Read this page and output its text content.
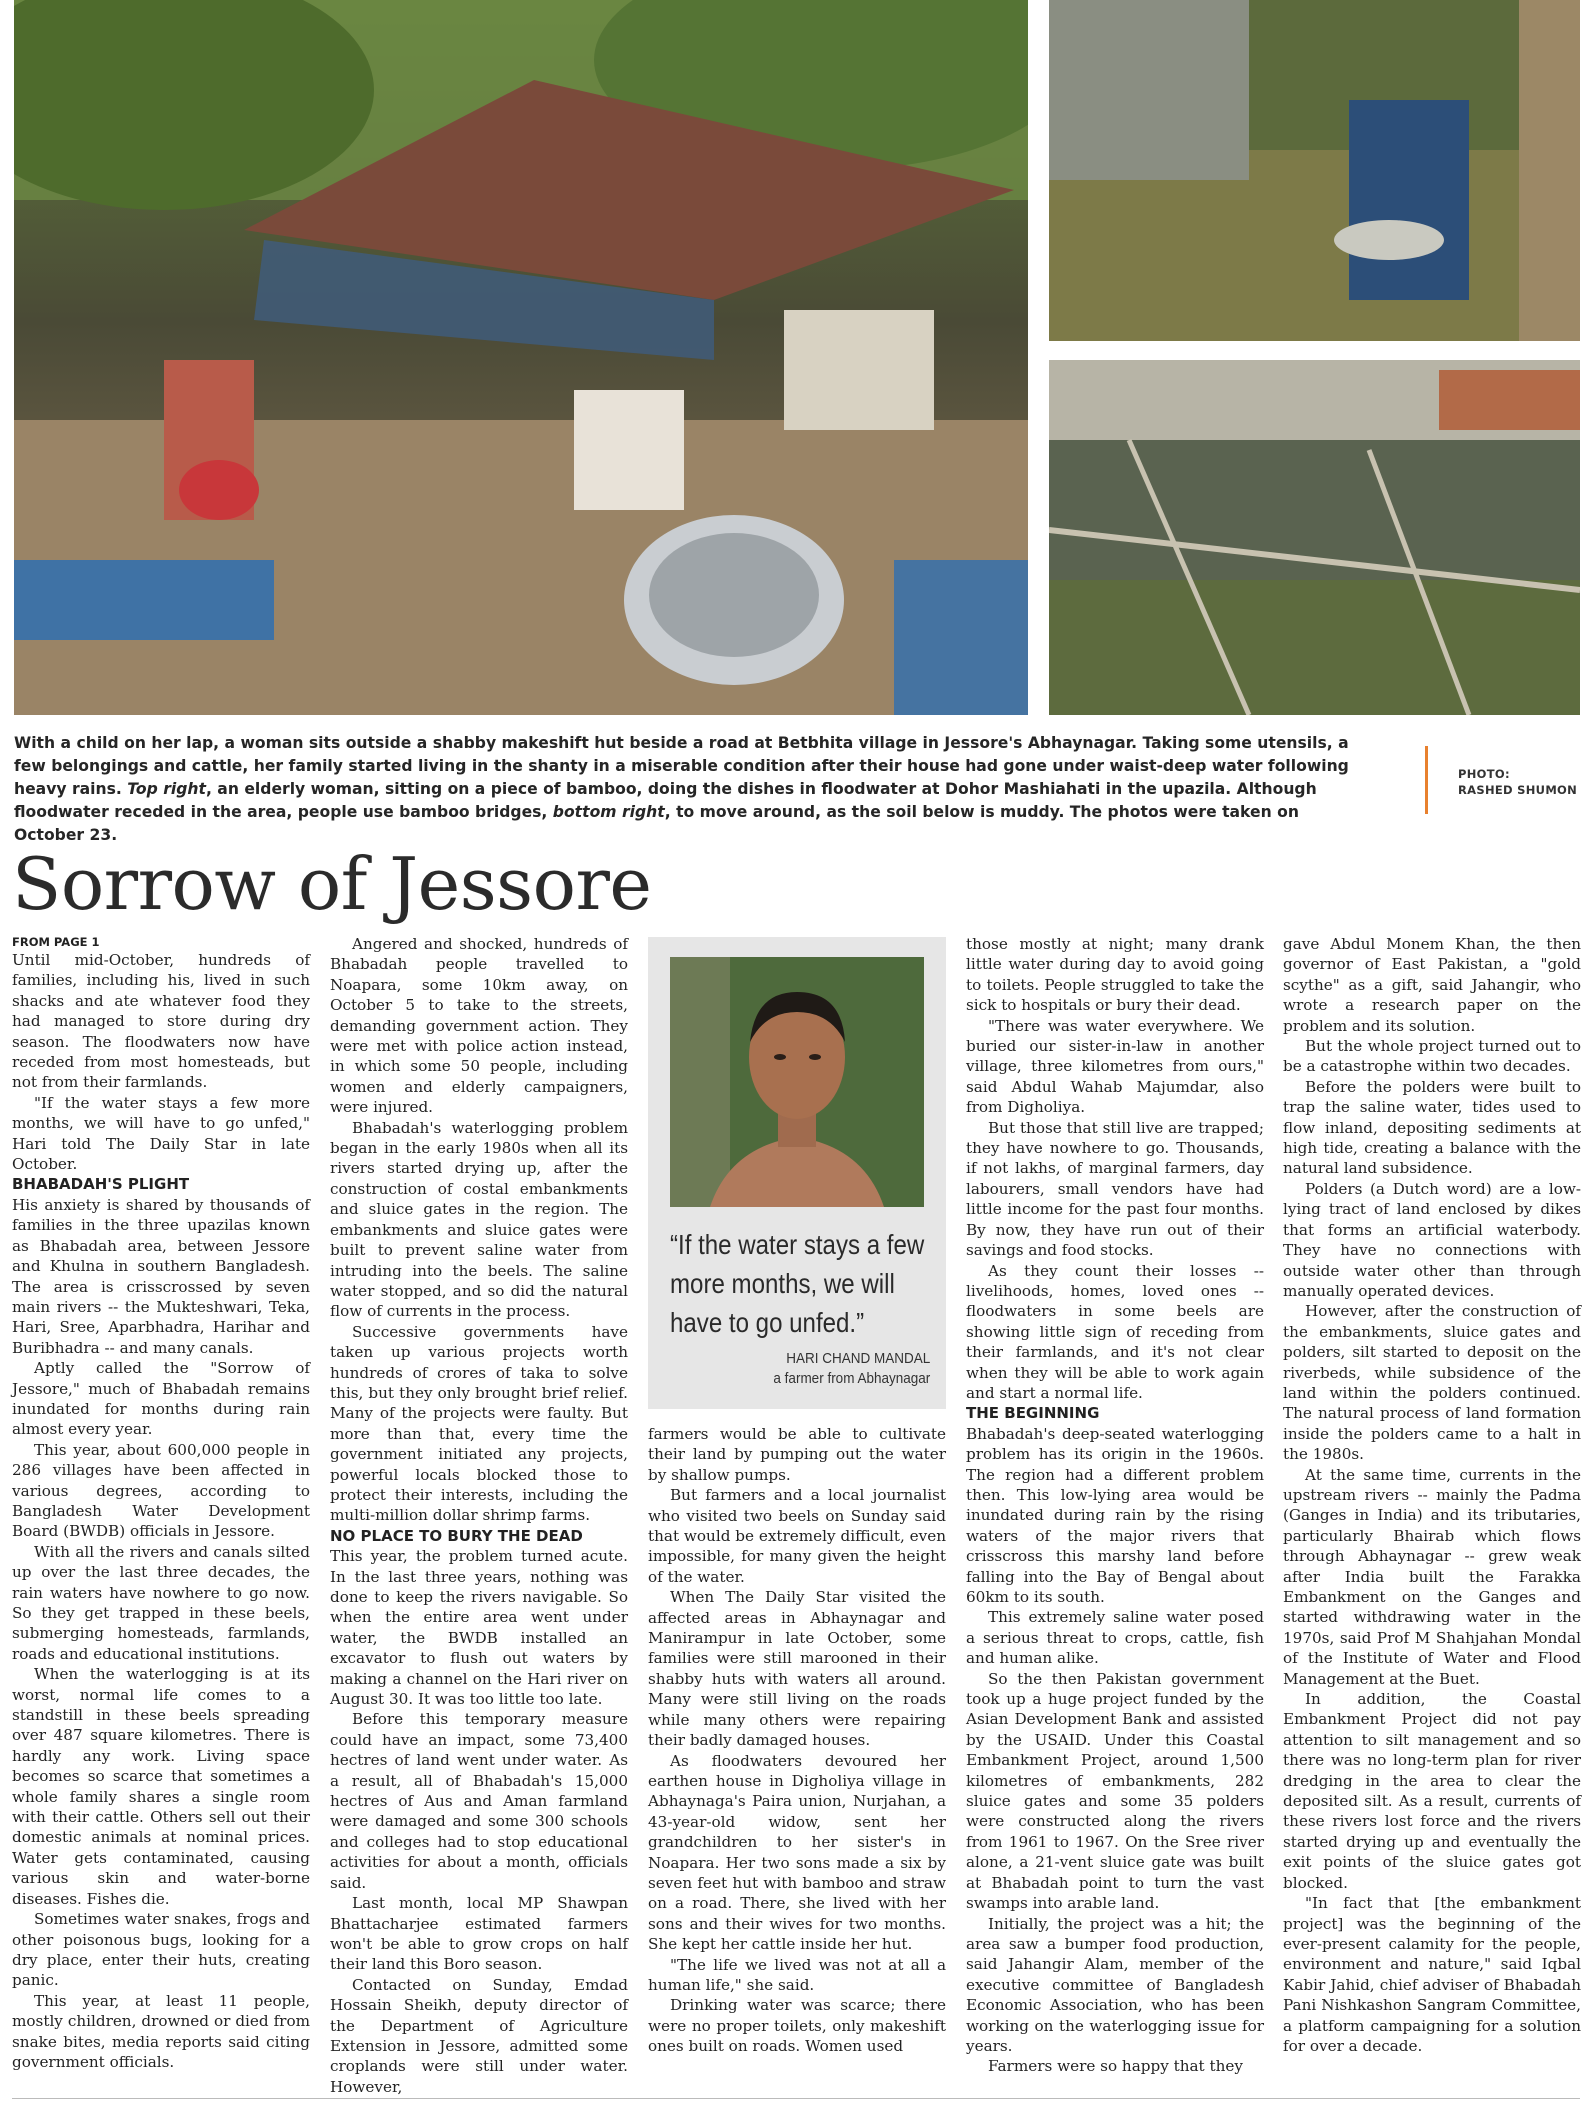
With a child on her lap, a woman sits outside a shabby makeshift hut beside a road at Betbhita village in Jessore's Abhaynagar. Taking some utensils, a few belongings and cattle, her family started living in the shanty in a miserable condition after their house had gone under waist-deep water following heavy rains. Top right, an elderly woman, sitting on a piece of bamboo, doing the dishes in floodwater at Dohor Mashiahati in the upazila. Although floodwater receded in the area, people use bamboo bridges, bottom right, to move around, as the soil below is muddy. The photos were taken on October 23.
PHOTO:
RASHED SHUMON
Sorrow of Jessore

FROM PAGE 1

Until mid-October, hundreds of families, including his, lived in such shacks and ate whatever food they had managed to store during dry season. The floodwaters now have receded from most homesteads, but not from their farmlands.

"If the water stays a few more months, we will have to go unfed," Hari told The Daily Star in late October.

BHABADAH'S PLIGHT

His anxiety is shared by thousands of families in the three upazilas known as Bhabadah area, between Jessore and Khulna in southern Bangladesh. The area is crisscrossed by seven main rivers -- the Mukteshwari, Teka, Hari, Sree, Aparbhadra, Harihar and Buribhadra -- and many canals.

Aptly called the "Sorrow of Jessore," much of Bhabadah remains inundated for months during rain almost every year.

This year, about 600,000 people in 286 villages have been affected in various degrees, according to Bangladesh Water Development Board (BWDB) officials in Jessore.

With all the rivers and canals silted up over the last three decades, the rain waters have nowhere to go now. So they get trapped in these beels, submerging homesteads, farmlands, roads and educational institutions.

When the waterlogging is at its worst, normal life comes to a standstill in these beels spreading over 487 square kilometres. There is hardly any work. Living space becomes so scarce that sometimes a whole family shares a single room with their cattle. Others sell out their domestic animals at nominal prices. Water gets contaminated, causing various skin and water-borne diseases. Fishes die.

Sometimes water snakes, frogs and other poisonous bugs, looking for a dry place, enter their huts, creating panic.

This year, at least 11 people, mostly children, drowned or died from snake bites, media reports said citing government officials.

Angered and shocked, hundreds of Bhabadah people travelled to Noapara, some 10km away, on October 5 to take to the streets, demanding government action. They were met with police action instead, in which some 50 people, including women and elderly campaigners, were injured.

Bhabadah's waterlogging problem began in the early 1980s when all its rivers started drying up, after the construction of costal embankments and sluice gates in the region. The embankments and sluice gates were built to prevent saline water from intruding into the beels. The saline water stopped, and so did the natural flow of currents in the process.

Successive governments have taken up various projects worth hundreds of crores of taka to solve this, but they only brought brief relief. Many of the projects were faulty. But more than that, every time the government initiated any projects, powerful locals blocked those to protect their interests, including the multi-million dollar shrimp farms.

NO PLACE TO BURY THE DEAD

This year, the problem turned acute. In the last three years, nothing was done to keep the rivers navigable. So when the entire area went under water, the BWDB installed an excavator to flush out waters by making a channel on the Hari river on August 30. It was too little too late.

Before this temporary measure could have an impact, some 73,400 hectres of land went under water. As a result, all of Bhabadah's 15,000 hectres of Aus and Aman farmland were damaged and some 300 schools and colleges had to stop educational activities for about a month, officials said.

Last month, local MP Shawpan Bhattacharjee estimated farmers won't be able to grow crops on half their land this Boro season.

Contacted on Sunday, Emdad Hossain Sheikh, deputy director of the Department of Agriculture Extension in Jessore, admitted some croplands were still under water. However,

“If the water stays a few more months, we will have to go unfed.”
HARI CHAND MANDAL
a farmer from Abhaynagar

farmers would be able to cultivate their land by pumping out the water by shallow pumps.

But farmers and a local journalist who visited two beels on Sunday said that would be extremely difficult, even impossible, for many given the height of the water.

When The Daily Star visited the affected areas in Abhaynagar and Manirampur in late October, some families were still marooned in their shabby huts with waters all around. Many were still living on the roads while many others were repairing their badly damaged houses.

As floodwaters devoured her earthen house in Digholiya village in Abhaynaga's Paira union, Nurjahan, a 43-year-old widow, sent her grandchildren to her sister's in Noapara. Her two sons made a six by seven feet hut with bamboo and straw on a road. There, she lived with her sons and their wives for two months. She kept her cattle inside her hut.

"The life we lived was not at all a human life," she said.

Drinking water was scarce; there were no proper toilets, only makeshift ones built on roads. Women used

those mostly at night; many drank little water during day to avoid going to toilets. People struggled to take the sick to hospitals or bury their dead.

"There was water everywhere. We buried our sister-in-law in another village, three kilometres from ours," said Abdul Wahab Majumdar, also from Digholiya.

But those that still live are trapped; they have nowhere to go. Thousands, if not lakhs, of marginal farmers, day labourers, small vendors have had little income for the past four months. By now, they have run out of their savings and food stocks.

As they count their losses -- livelihoods, homes, loved ones -- floodwaters in some beels are showing little sign of receding from their farmlands, and it's not clear when they will be able to work again and start a normal life.

THE BEGINNING

Bhabadah's deep-seated waterlogging problem has its origin in the 1960s. The region had a different problem then. This low-lying area would be inundated during rain by the rising waters of the major rivers that crisscross this marshy land before falling into the Bay of Bengal about 60km to its south.

This extremely saline water posed a serious threat to crops, cattle, fish and human alike.

So the then Pakistan government took up a huge project funded by the Asian Development Bank and assisted by the USAID. Under this Coastal Embankment Project, around 1,500 kilometres of embankments, 282 sluice gates and some 35 polders were constructed along the rivers from 1961 to 1967. On the Sree river alone, a 21-vent sluice gate was built at Bhabadah point to turn the vast swamps into arable land.

Initially, the project was a hit; the area saw a bumper food production, said Jahangir Alam, member of the executive committee of Bangladesh Economic Association, who has been working on the waterlogging issue for years.

Farmers were so happy that they

gave Abdul Monem Khan, the then governor of East Pakistan, a "gold scythe" as a gift, said Jahangir, who wrote a research paper on the problem and its solution.

But the whole project turned out to be a catastrophe within two decades.

Before the polders were built to trap the saline water, tides used to flow inland, depositing sediments at high tide, creating a balance with the natural land subsidence.

Polders (a Dutch word) are a low-lying tract of land enclosed by dikes that forms an artificial waterbody. They have no connections with outside water other than through manually operated devices.

However, after the construction of the embankments, sluice gates and polders, silt started to deposit on the riverbeds, while subsidence of the land within the polders continued. The natural process of land formation inside the polders came to a halt in the 1980s.

At the same time, currents in the upstream rivers -- mainly the Padma (Ganges in India) and its tributaries, particularly Bhairab which flows through Abhaynagar -- grew weak after India built the Farakka Embankment on the Ganges and started withdrawing water in the 1970s, said Prof M Shahjahan Mondal of the Institute of Water and Flood Management at the Buet.

In addition, the Coastal Embankment Project did not pay attention to silt management and so there was no long-term plan for river dredging in the area to clear the deposited silt. As a result, currents of these rivers lost force and the rivers started drying up and eventually the exit points of the sluice gates got blocked.

"In fact that [the embankment project] was the beginning of the ever-present calamity for the people, environment and nature," said Iqbal Kabir Jahid, chief adviser of Bhabadah Pani Nishkashon Sangram Committee, a platform campaigning for a solution for over a decade.
